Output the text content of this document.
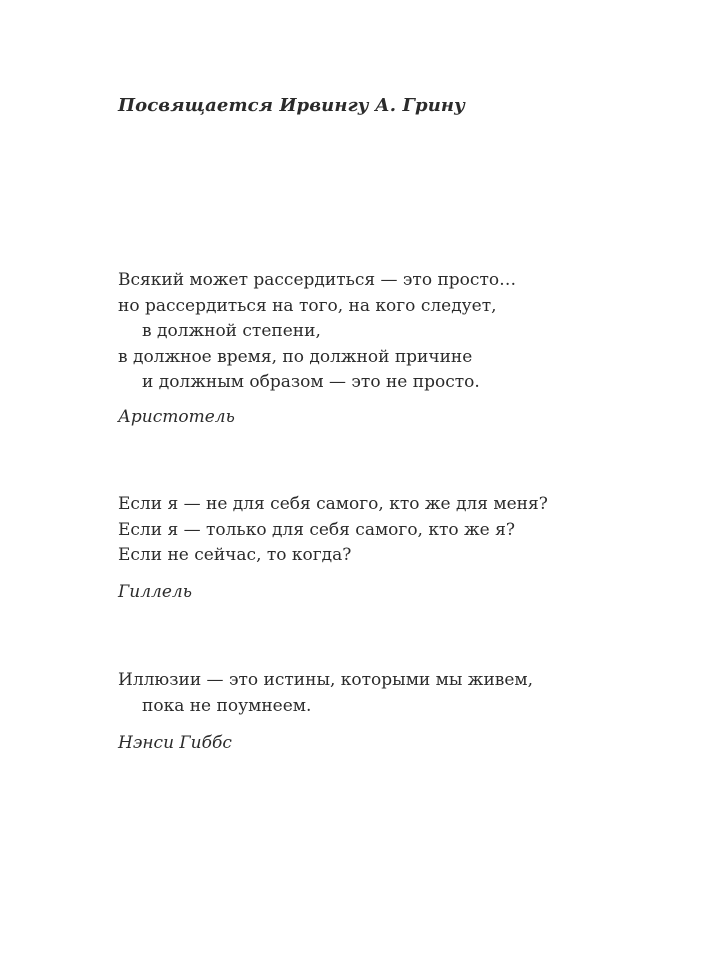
Посвящается Ирвингу А. Грину
Всякий может рассердиться — это просто…
но рассердиться на того, на кого следует,
в должной степени,
в должное время, по должной причине
и должным образом — это не просто.
Аристотель
Если я — не для себя самого, кто же для меня?
Если я — только для себя самого, кто же я?
Если не сейчас, то когда?
Гиллель
Иллюзии — это истины, которыми мы живем,
пока не поумнеем.
Нэнси Гиббс
